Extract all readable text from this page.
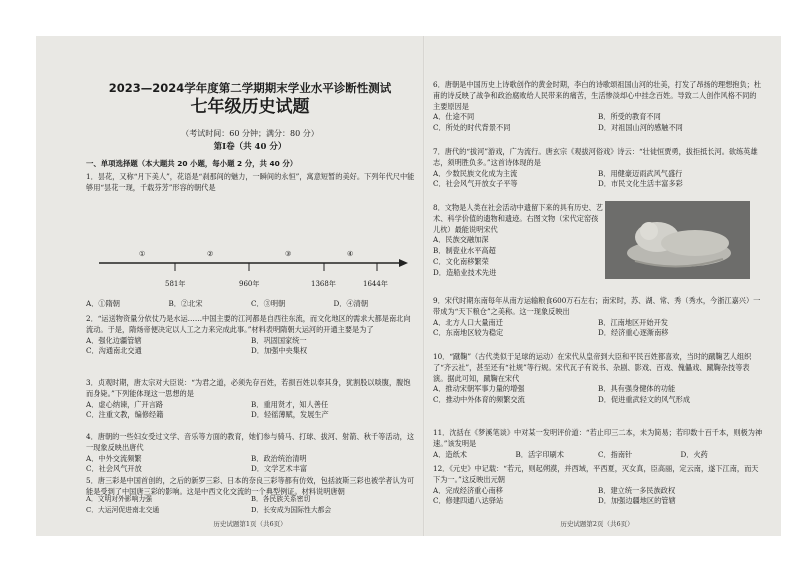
2023—2024学年度第二学期期末学业水平诊断性测试
七年级历史试题
（考试时间：60 分钟；满分：80 分）
第Ⅰ卷（共 40 分）
一、单项选择题（本大题共 20 小题，每小题 2 分，共 40 分）
1．昙花，又称“月下美人”，花语是“刹那间的魅力，一瞬间的永恒”，寓意短暂的美好。下列年代尺中能够用“昙花一现，千载芬芳”形容的朝代是
①	②	③	④
581年	960年	1368年	1644年
A．①隋朝	B．②北宋	C．③明朝	D．④清朝
2．“运送物资量分依仗乃是水运……中国主要的江河都是自西往东流，而文化地区的需求大都是南北向流动。于是，隋炀帝便决定以人工之力来完成此事。”材料表明隋朝大运河的开通主要是为了
A．强化边疆管辖	B．巩固国家统一
C．沟通南北交通	D．加强中央集权
3．贞观时期，唐太宗对大臣说：“为君之道，必须先存百姓，若损百姓以奉其身，犹割股以啖腹，腹饱而身毙。”下列能体现这一思想的是
A．虚心纳谏，广开言路	B．重用贤才，知人善任
C．注重文教，编修经籍	D．轻徭薄赋，发展生产
4．唐朝的一些妇女受过文学、音乐等方面的教育，她们参与骑马、打球、拔河、射箭、秋千等活动，这一现象反映出唐代
A．中外交流频繁	B．政治统治清明
C．社会风气开放	D．文学艺术丰富
5．唐三彩是中国首创的，之后的新罗三彩、日本的奈良三彩等都有仿效，包括波斯三彩也被学者认为可能是受到了中国唐三彩的影响。这是中西文化交流的一个典型例证。材料说明唐朝
A．文明对外影响力强	B．各民族关系密切
C．大运河促进南北交通	D．长安成为国际性大都会
历史试题第1页（共6页）
6．唐朝是中国历史上诗歌创作的黄金时期，李白的诗歌颂祖国山河的壮美，打发了昂扬的理想抱负；杜甫的诗反映了战争和政治腐败给人民带来的痛苦，生活惨淡却心中挂念百姓。导致二人创作风格不同的主要原因是
A．仕途不同	B．所受的教育不同
C．所处的时代背景不同	D．对祖国山河的感触不同
7．唐代的“拔河”游戏，广为流行。唐玄宗《观拔河俗戏》诗云：“壮徒恒贾勇，拔拒抵长河。欲练英雄志，须明胜负多。”这首诗体现的是
A．少数民族文化成为主流	B．用健豪迈雨武风气盛行
C．社会风气开放女子平等	D．市民文化生活丰富多彩
8．文物是人类在社会活动中遗留下来的具有历史、艺术、科学价值的遗物和遗迹。右图文物（宋代定窑孩儿枕）最能说明宋代
A．民族交融加深
B．制瓷业水平高超
C．文化南移繁荣
D．造船业技术先进
9．宋代时期东南每年从南方运输粮食600万石左右；南宋时，苏、湖、常、秀（秀水，今浙江嘉兴）一带成为“天下粮仓”之美称。这一现象反映出
A．北方人口大量南迁	B．江南地区开始开发
C．东南地区较为稳定	D．经济重心逐渐南移
10．“蹴鞠”（古代类似于足球的运动）在宋代从皇帝到大臣和平民百姓都喜欢，当时的蹴鞠艺人组织了“齐云社”，甚至还有“社规”等行规。宋代瓦子有说书、杂剧、影戏、百戏、傀儡戏、蹴鞠杂技等表演。据此可知，蹴鞠在宋代
A．推动宋朝军事力量的增强	B．具有强身健体的功能
C．推动中外体育的频繁交流	D．促进重武轻文的风气形成
11．沈括在《梦溪笔谈》中对某一发明评价道：“若止印三二本，未为简易；若印数十百千本，则极为神速。”该发明是
A．造纸术	B．活字印刷术	C．指南针	D．火药
12．《元史》中记载：“若元，则起朔漠，并西域，平西夏，灭女真，臣高丽，定云南，遂下江南，而天下为一。”这反映出元朝
A．完成经济重心南移	B．建立统一多民族政权
C．修建四通八达驿站	D．加强边疆地区的管辖
历史试题第2页（共6页）
